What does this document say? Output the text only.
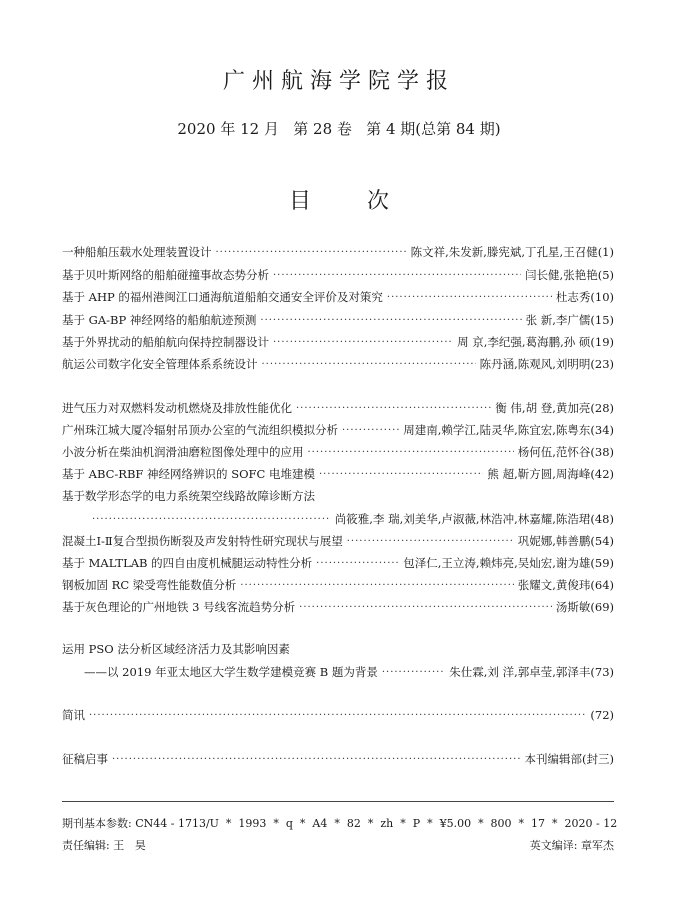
广州航海学院学报
2020 年 12 月   第 28 卷   第 4 期(总第 84 期)
目        次
一种船舶压载水处理装置设计 ·····	陈文祥,朱发新,滕宪斌,丁孔星,王召健(1)
基于贝叶斯网络的船舶碰撞事故态势分析 ·····	闫长健,张艳艳(5)
基于 AHP 的福州港闽江口通海航道船舶交通安全评价及对策究 ·····	杜志秀(10)
基于 GA-BP 神经网络的船舶航迹预测 ·····	张 新,李广儒(15)
基于外界扰动的船舶航向保持控制器设计 ·····	周 京,李纪强,葛海鹏,孙 硕(19)
航运公司数字化安全管理体系系统设计 ·····	陈丹涵,陈观风,刘明明(23)
进气压力对双燃料发动机燃烧及排放性能优化 ·····	衡 伟,胡 登,黄加亮(28)
广州珠江城大厦冷辐射吊顶办公室的气流组织模拟分析 ·····	周建南,赖学江,陆灵华,陈宜宏,陈粤东(34)
小波分析在柴油机润滑油磨粒图像处理中的应用 ·····	杨何伍,范怀谷(38)
基于 ABC-RBF 神经网络辨识的 SOFC 电堆建模 ·····	熊 超,靳方圆,周海峰(42)
基于数学形态学的电力系统架空线路故障诊断方法
·····
尚筱雅,李 瑞,刘美华,卢淑薇,林浩冲,林嘉耀,陈浩珺(48)
混凝土Ⅰ-Ⅱ复合型损伤断裂及声发射特性研究现状与展望 ·····	巩妮娜,韩善鹏(54)
基于 MALTLAB 的四自由度机械腿运动特性分析 ·····	包泽仁,王立涛,赖炜亮,吴灿宏,谢为雄(59)
钢板加固 RC 梁受弯性能数值分析 ·····	张耀文,黄俊玮(64)
基于灰色理论的广州地铁 3 号线客流趋势分析 ·····	汤斯敏(69)
运用 PSO 法分析区域经济活力及其影响因素
——以 2019 年亚太地区大学生数学建模竞赛 B 题为背景 ·····	朱仕霖,刘 洋,郭卓莹,郭泽丰(73)
简讯 ·····	(72)
征稿启事 ·····	本刊编辑部(封三)
期刊基本参数: CN44 - 1713/U  *  1993  *  q  *  A4  *  82  *  zh  *  P  *  ¥5.00  *  800  *  17  *  2020 - 12
责任编辑: 王   昊	英文编译: 章军杰
